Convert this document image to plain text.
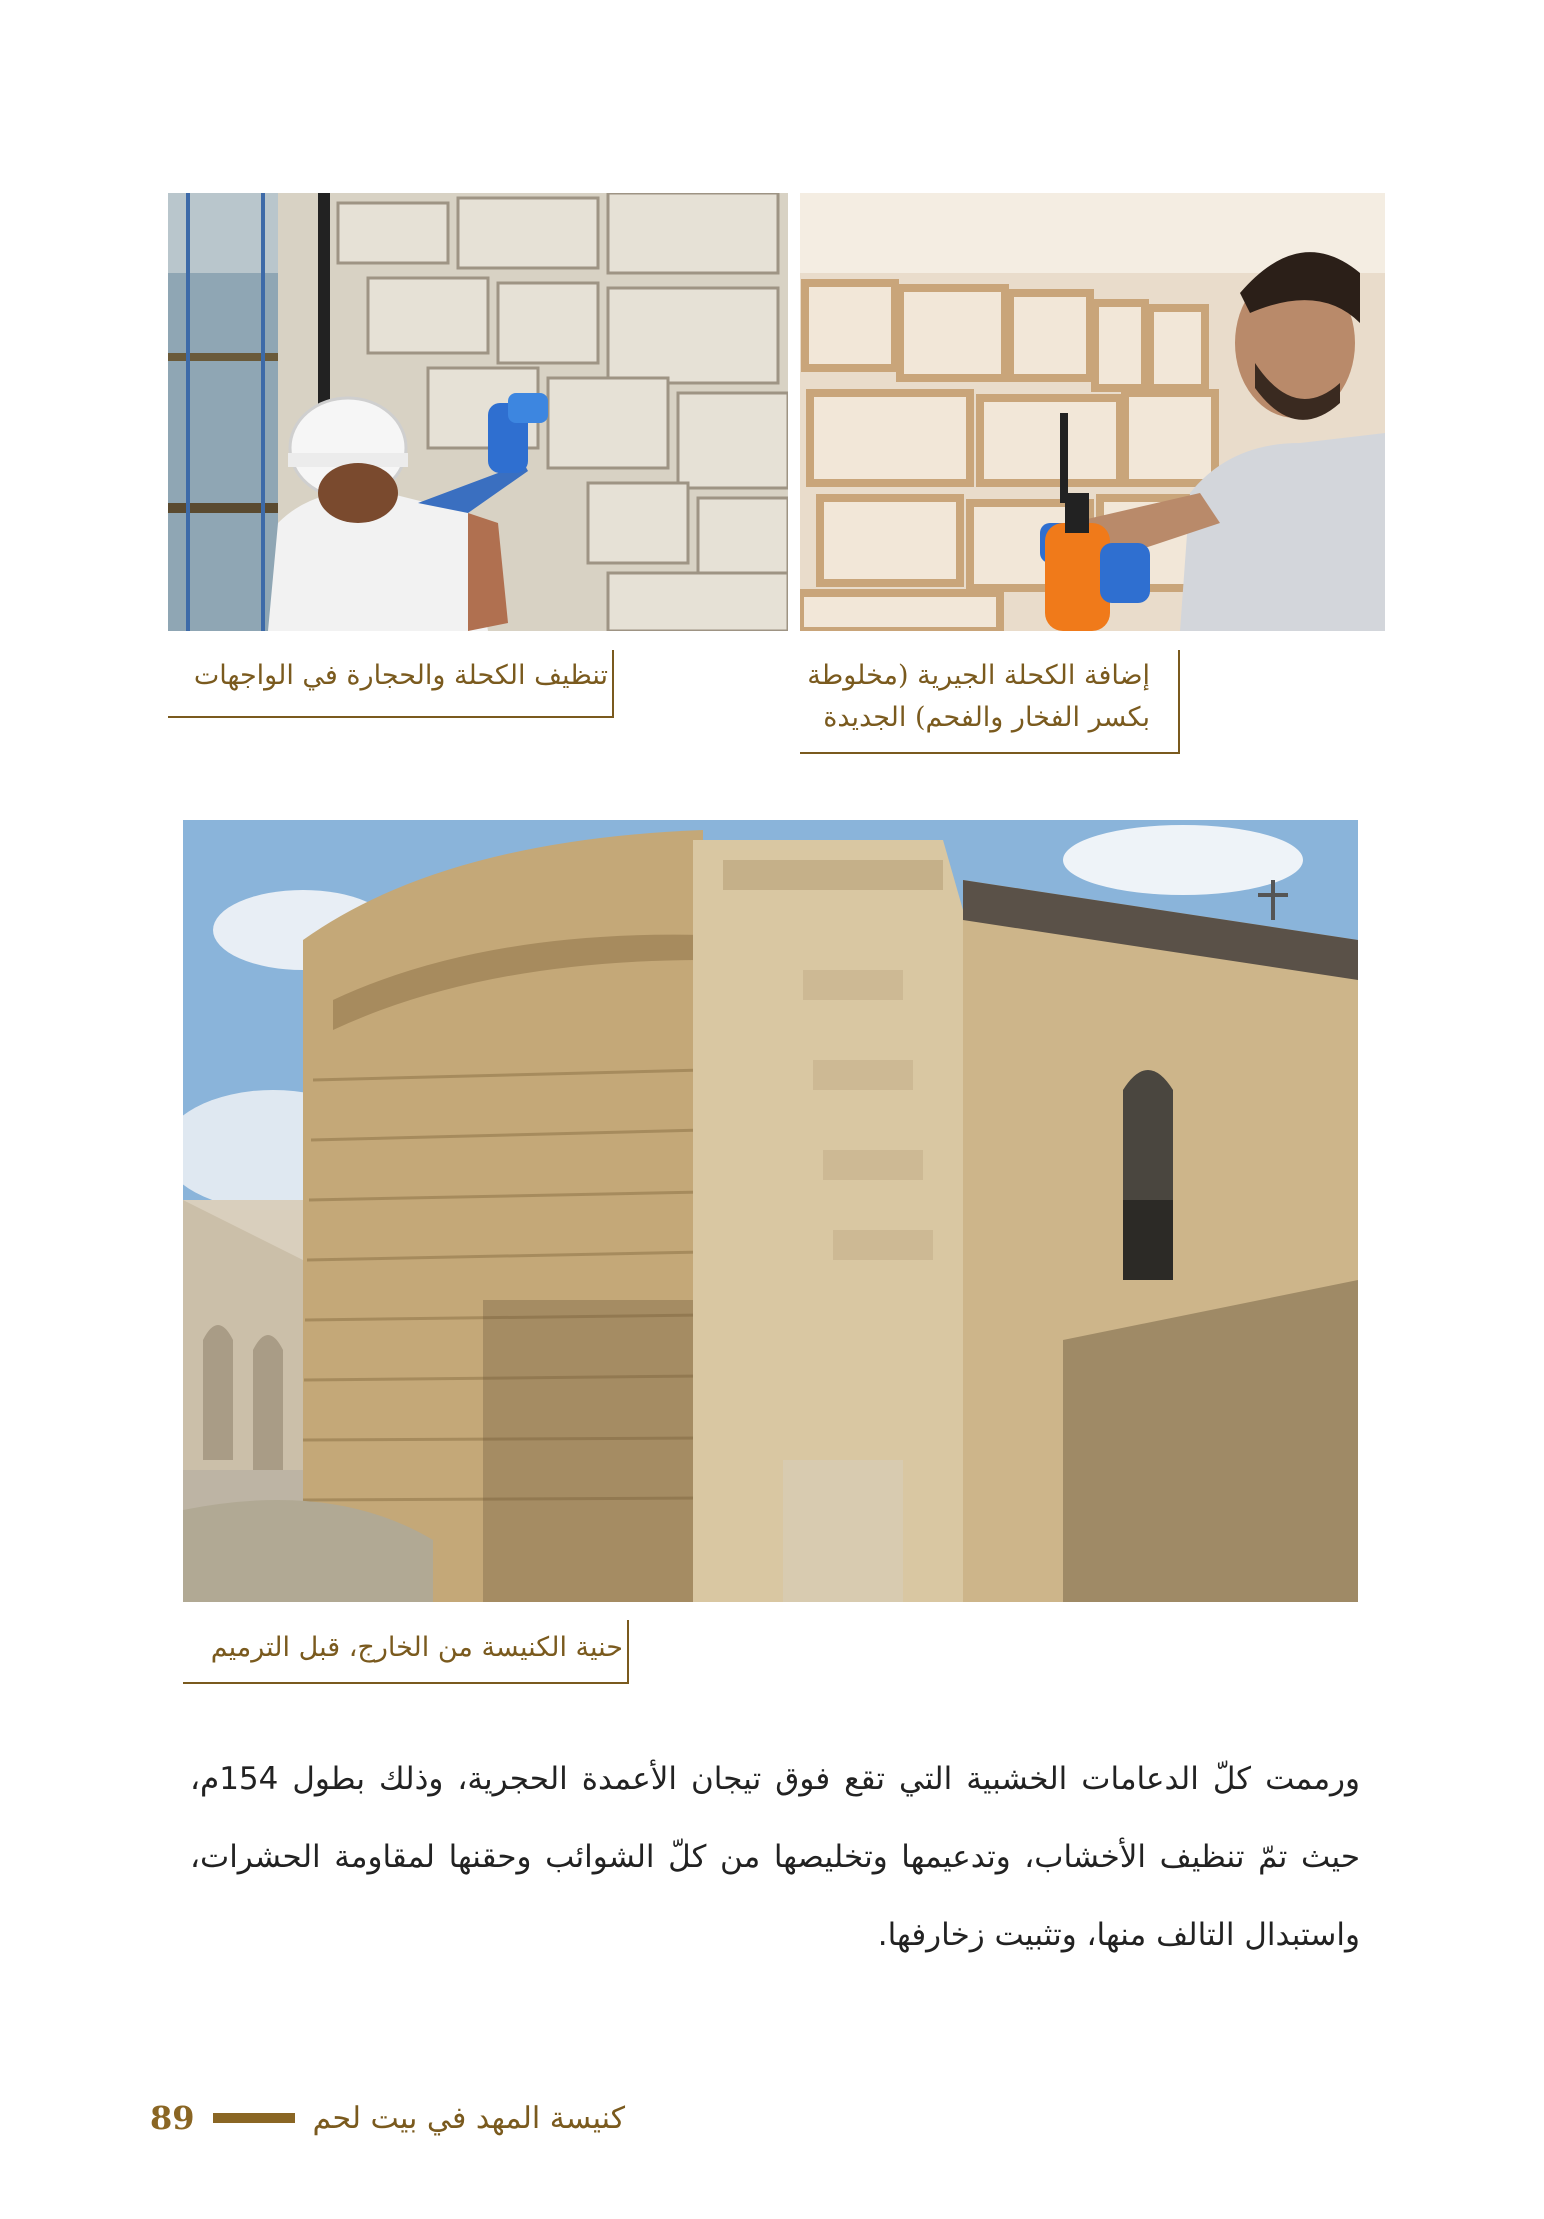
تنظيف الكحلة والحجارة في الواجهات	إضافة الكحلة الجيرية (مخلوطة
بكسر الفخار والفحم) الجديدة
حنية الكنيسة من الخارج، قبل الترميم
ورممت كلّ الدعامات الخشبية التي تقع فوق تيجان الأعمدة الحجرية، وذلك بطول 154م، حيث تمّ تنظيف الأخشاب، وتدعيمها وتخليصها من كلّ الشوائب وحقنها لمقاومة الحشرات، واستبدال التالف منها، وتثبيت زخارفها.
89	كنيسة المهد في بيت لحم
